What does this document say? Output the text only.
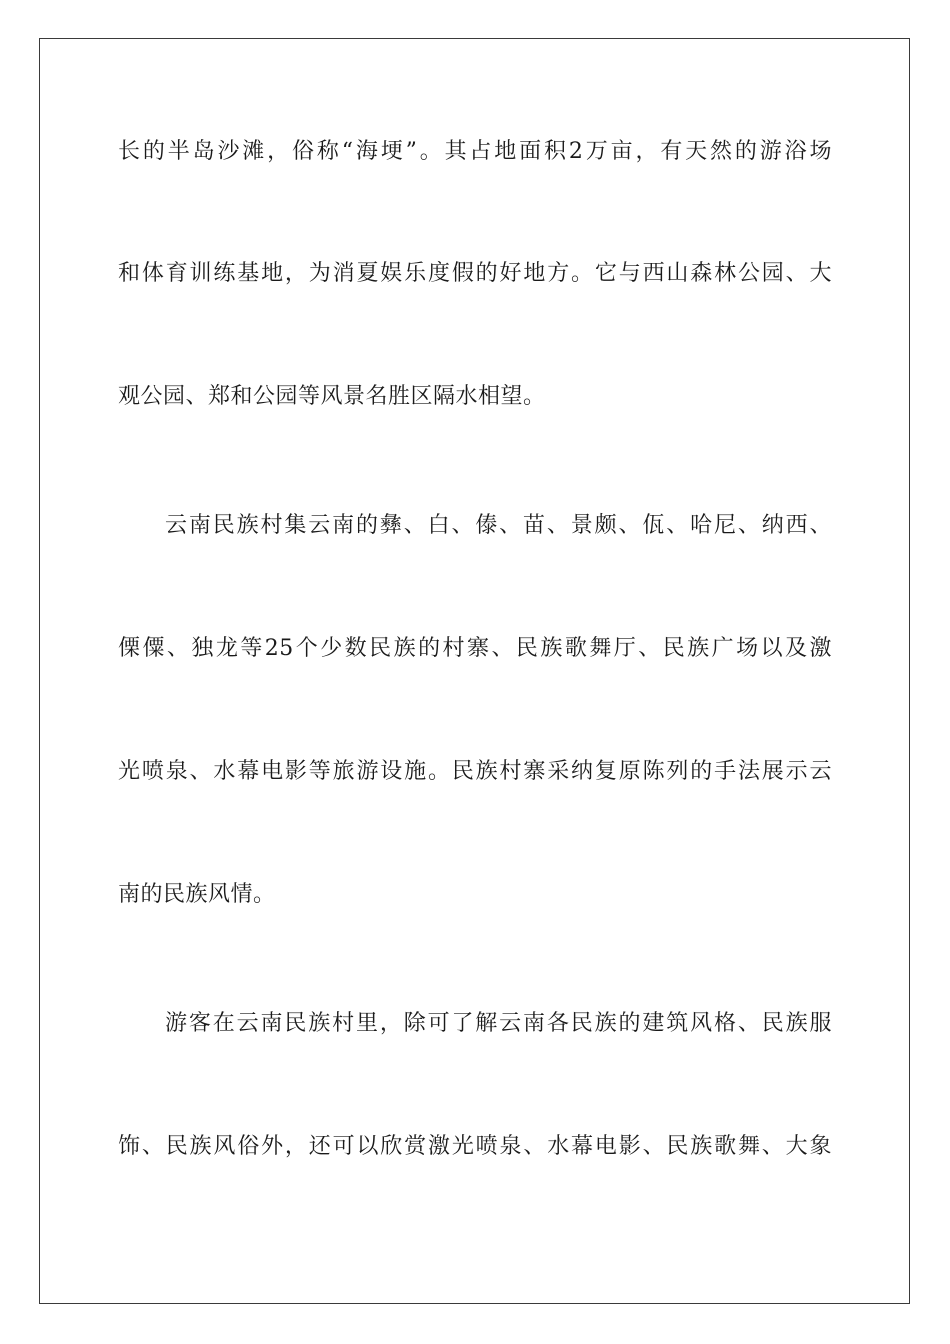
长的半岛沙滩，俗称“海埂”。其占地面积2万亩，有天然的游浴场
和体育训练基地，为消夏娱乐度假的好地方。它与西山森林公园、大
观公园、郑和公园等风景名胜区隔水相望。
云南民族村集云南的彝、白、傣、苗、景颇、佤、哈尼、纳西、
傈僳、独龙等25个少数民族的村寨、民族歌舞厅、民族广场以及激
光喷泉、水幕电影等旅游设施。民族村寨采纳复原陈列的手法展示云
南的民族风情。
游客在云南民族村里，除可了解云南各民族的建筑风格、民族服
饰、民族风俗外，还可以欣赏激光喷泉、水幕电影、民族歌舞、大象
